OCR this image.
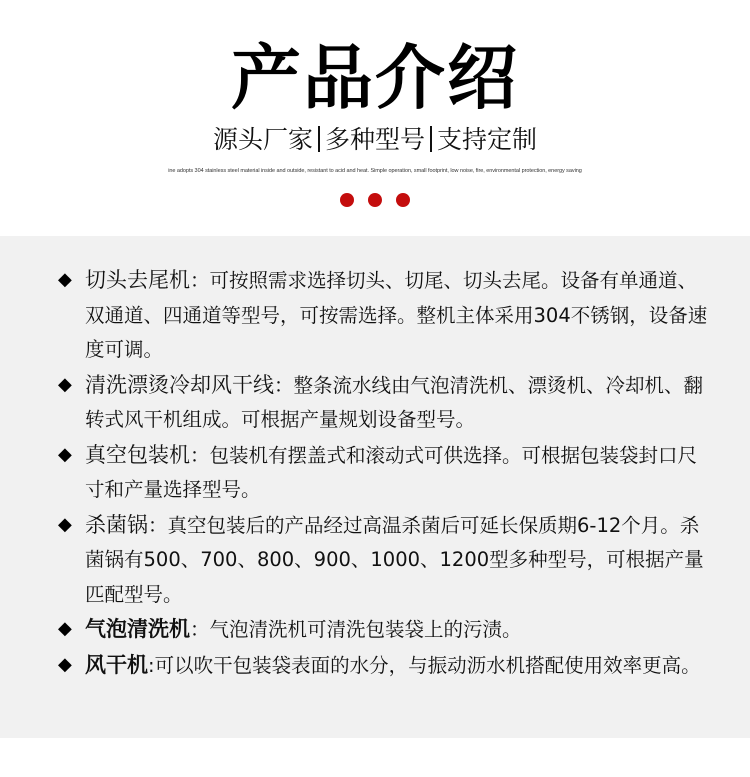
产品介绍
源头厂家 多种型号 支持定制
ine adopts 304 stainless steel material inside and outside, resistant to acid and heat. Simple operation, small footprint, low noise, fire, environmental protection, energy saving
◆ 切头去尾机：可按照需求选择切头、切尾、切头去尾。设备有单通道、双通道、四通道等型号，可按需选择。整机主体采用304不锈钢，设备速度可调。
◆ 清洗漂烫冷却风干线：整条流水线由气泡清洗机、漂烫机、冷却机、翻转式风干机组成。可根据产量规划设备型号。
◆ 真空包装机：包装机有摆盖式和滚动式可供选择。可根据包装袋封口尺寸和产量选择型号。
◆ 杀菌锅：真空包装后的产品经过高温杀菌后可延长保质期6-12个月。杀菌锅有500、700、800、900、1000、1200型多种型号，可根据产量匹配型号。
◆ 气泡清洗机：气泡清洗机可清洗包装袋上的污渍。
◆ 风干机:可以吹干包装袋表面的水分，与振动沥水机搭配使用效率更高。
